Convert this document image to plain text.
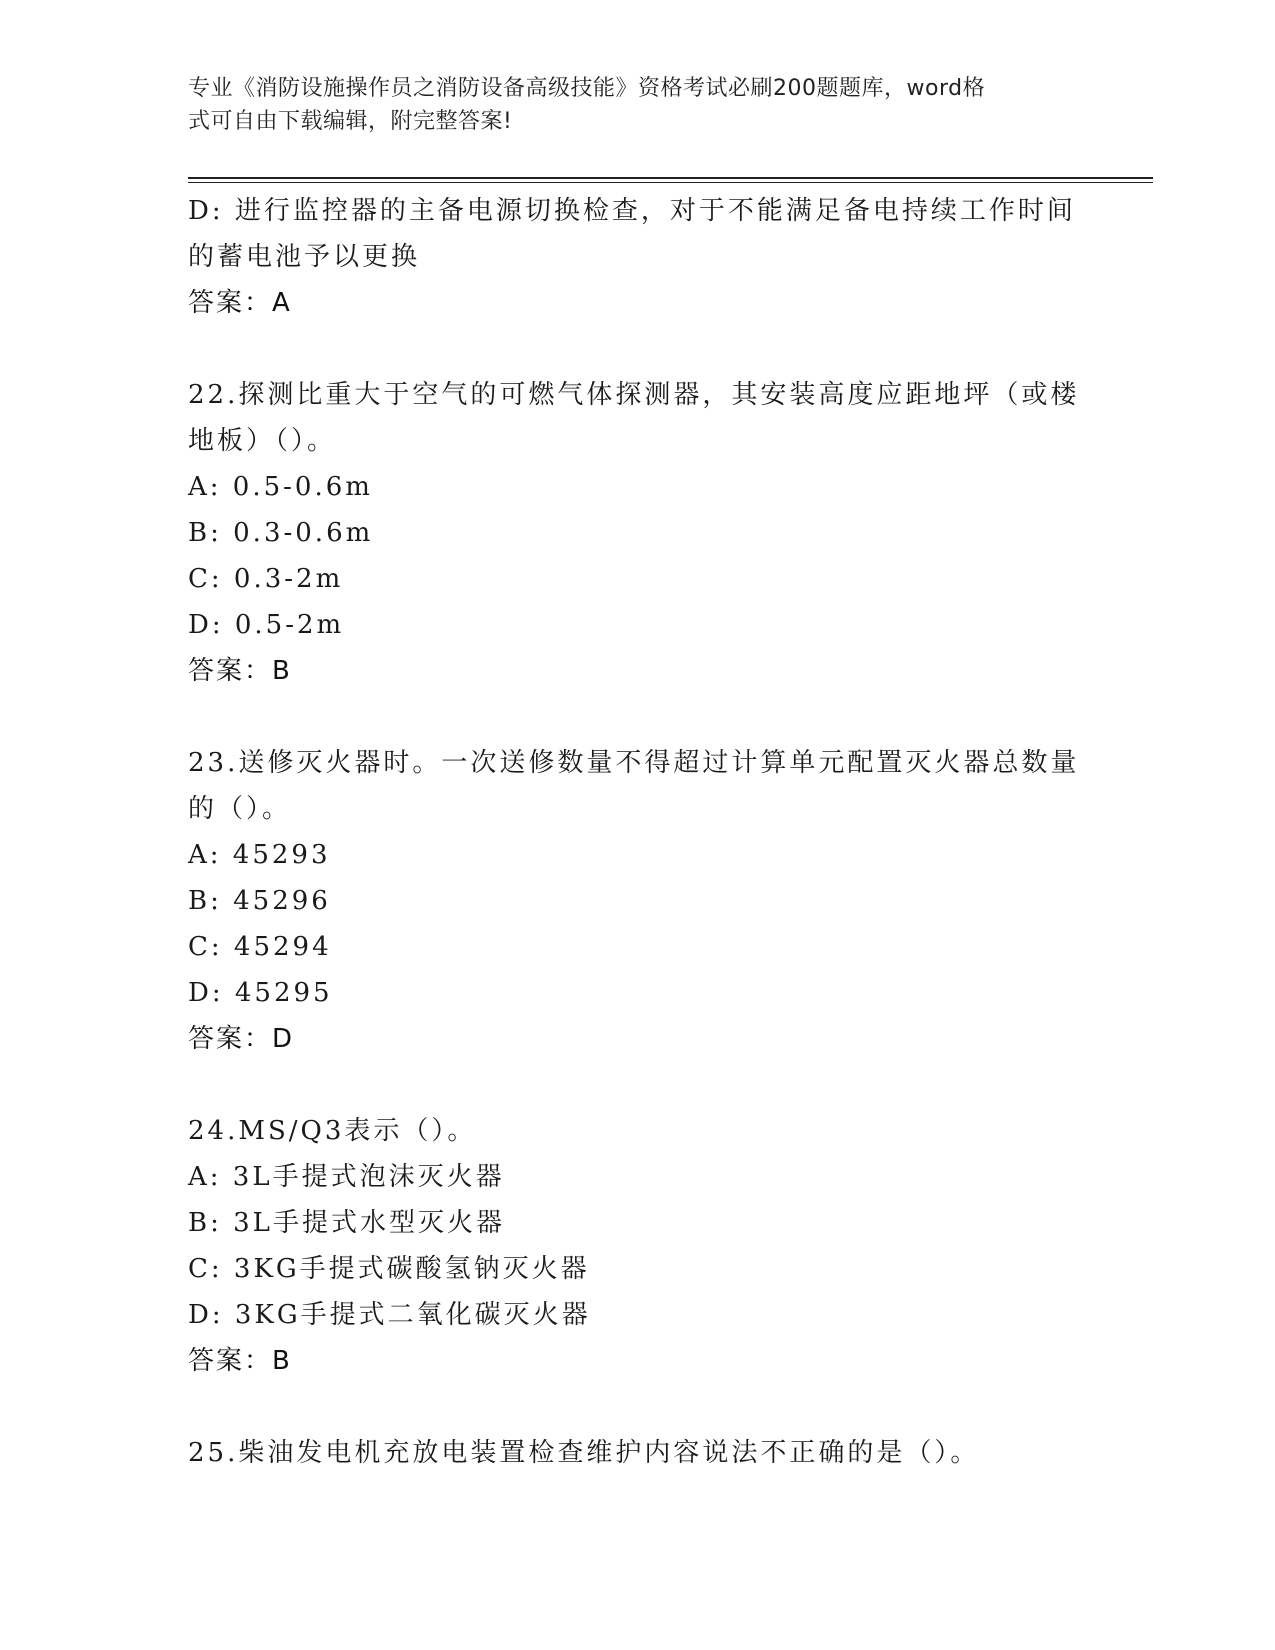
专业《消防设施操作员之消防设备高级技能》资格考试必刷200题题库，word格
式可自由下载编辑，附完整答案!
D: 进行监控器的主备电源切换检查，对于不能满足备电持续工作时间
的蓄电池予以更换
答案：A
22.探测比重大于空气的可燃气体探测器，其安装高度应距地坪（或楼
地板）（）。
A: 0.5-0.6m
B: 0.3-0.6m
C: 0.3-2m
D: 0.5-2m
答案：B
23.送修灭火器时。一次送修数量不得超过计算单元配置灭火器总数量
的（）。
A: 45293
B: 45296
C: 45294
D: 45295
答案：D
24.MS/Q3表示（）。
A: 3L手提式泡沫灭火器
B: 3L手提式水型灭火器
C: 3KG手提式碳酸氢钠灭火器
D: 3KG手提式二氧化碳灭火器
答案：B
25.柴油发电机充放电装置检查维护内容说法不正确的是（）。
